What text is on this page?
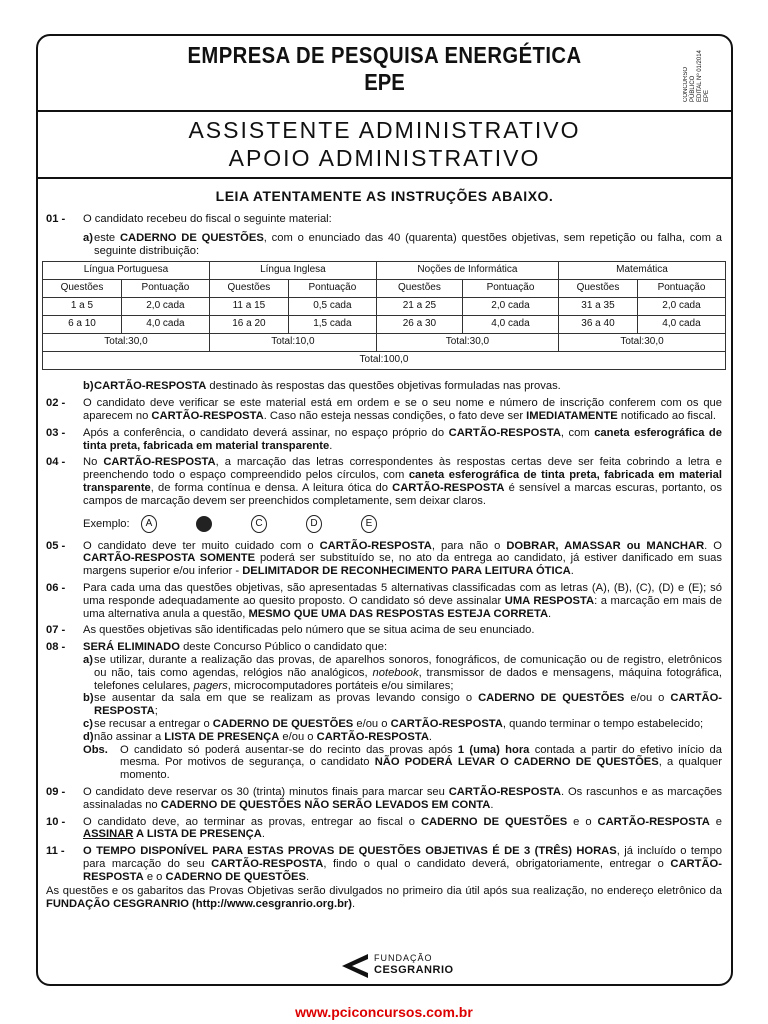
EMPRESA DE PESQUISA ENERGÉTICA
EPE	CONCURSO PÚBLICO EDITAL Nº 01/2014 EPE
ASSISTENTE ADMINISTRATIVO
APOIO ADMINISTRATIVO
LEIA ATENTAMENTE AS INSTRUÇÕES ABAIXO.
01 - O candidato recebeu do fiscal o seguinte material:
a) este CADERNO DE QUESTÕES, com o enunciado das 40 (quarenta) questões objetivas, sem repetição ou falha, com a seguinte distribuição:
Língua Portuguesa		Língua Inglesa		Noções de Informática		Matemática	
Questões	Pontuação	Questões	Pontuação	Questões	Pontuação	Questões	Pontuação
1 a 5	2,0 cada	11 a 15	0,5 cada	21 a 25	2,0 cada	31 a 35	2,0 cada
6 a 10	4,0 cada	16 a 20	1,5 cada	26 a 30	4,0 cada	36 a 40	4,0 cada
Total:30,0		Total:10,0		Total:30,0		Total:30,0	
Total:100,0							
b) CARTÃO-RESPOSTA destinado às respostas das questões objetivas formuladas nas provas.
02 - O candidato deve verificar se este material está em ordem e se o seu nome e número de inscrição conferem com os que aparecem no CARTÃO-RESPOSTA. Caso não esteja nessas condições, o fato deve ser IMEDIATAMENTE notificado ao fiscal.
03 - Após a conferência, o candidato deverá assinar, no espaço próprio do CARTÃO-RESPOSTA, com caneta esferográfica de tinta preta, fabricada em material transparente.
04 - No CARTÃO-RESPOSTA, a marcação das letras correspondentes às respostas certas deve ser feita cobrindo a letra e preenchendo todo o espaço compreendido pelos círculos, com caneta esferográfica de tinta preta, fabricada em material transparente, de forma contínua e densa. A leitura ótica do CARTÃO-RESPOSTA é sensível a marcas escuras, portanto, os campos de marcação devem ser preenchidos completamente, sem deixar claros.
Exemplo:	A	C	D	E
05 - O candidato deve ter muito cuidado com o CARTÃO-RESPOSTA, para não o DOBRAR, AMASSAR ou MANCHAR. O CARTÃO-RESPOSTA SOMENTE poderá ser substituído se, no ato da entrega ao candidato, já estiver danificado em suas margens superior e/ou inferior - DELIMITADOR DE RECONHECIMENTO PARA LEITURA ÓTICA.
06 - Para cada uma das questões objetivas, são apresentadas 5 alternativas classificadas com as letras (A), (B), (C), (D) e (E); só uma responde adequadamente ao quesito proposto. O candidato só deve assinalar UMA RESPOSTA: a marcação em mais de uma alternativa anula a questão, MESMO QUE UMA DAS RESPOSTAS ESTEJA CORRETA.
07 - As questões objetivas são identificadas pelo número que se situa acima de seu enunciado.
08 - SERÁ ELIMINADO deste Concurso Público o candidato que:
a) se utilizar, durante a realização das provas, de aparelhos sonoros, fonográficos, de comunicação ou de registro, eletrônicos ou não, tais como agendas, relógios não analógicos, notebook, transmissor de dados e mensagens, máquina fotográfica, telefones celulares, pagers, microcomputadores portáteis e/ou similares;
b) se ausentar da sala em que se realizam as provas levando consigo o CADERNO DE QUESTÕES e/ou o CARTÃO-RESPOSTA;
c) se recusar a entregar o CADERNO DE QUESTÕES e/ou o CARTÃO-RESPOSTA, quando terminar o tempo estabelecido;
d) não assinar a LISTA DE PRESENÇA e/ou o CARTÃO-RESPOSTA.
Obs. O candidato só poderá ausentar-se do recinto das provas após 1 (uma) hora contada a partir do efetivo início da mesma. Por motivos de segurança, o candidato NÃO PODERÁ LEVAR O CADERNO DE QUESTÕES, a qualquer momento.
09 - O candidato deve reservar os 30 (trinta) minutos finais para marcar seu CARTÃO-RESPOSTA. Os rascunhos e as marcações assinaladas no CADERNO DE QUESTÕES NÃO SERÃO LEVADOS EM CONTA.
10 - O candidato deve, ao terminar as provas, entregar ao fiscal o CADERNO DE QUESTÕES e o CARTÃO-RESPOSTA e ASSINAR A LISTA DE PRESENÇA.
11 - O TEMPO DISPONÍVEL PARA ESTAS PROVAS DE QUESTÕES OBJETIVAS É DE 3 (TRÊS) HORAS, já incluído o tempo para marcação do seu CARTÃO-RESPOSTA, findo o qual o candidato deverá, obrigatoriamente, entregar o CARTÃO-RESPOSTA e o CADERNO DE QUESTÕES.
As questões e os gabaritos das Provas Objetivas serão divulgados no primeiro dia útil após sua realização, no endereço eletrônico da FUNDAÇÃO CESGRANRIO (http://www.cesgranrio.org.br).
FUNDAÇÃO
CESGRANRIO
www.pciconcursos.com.br
